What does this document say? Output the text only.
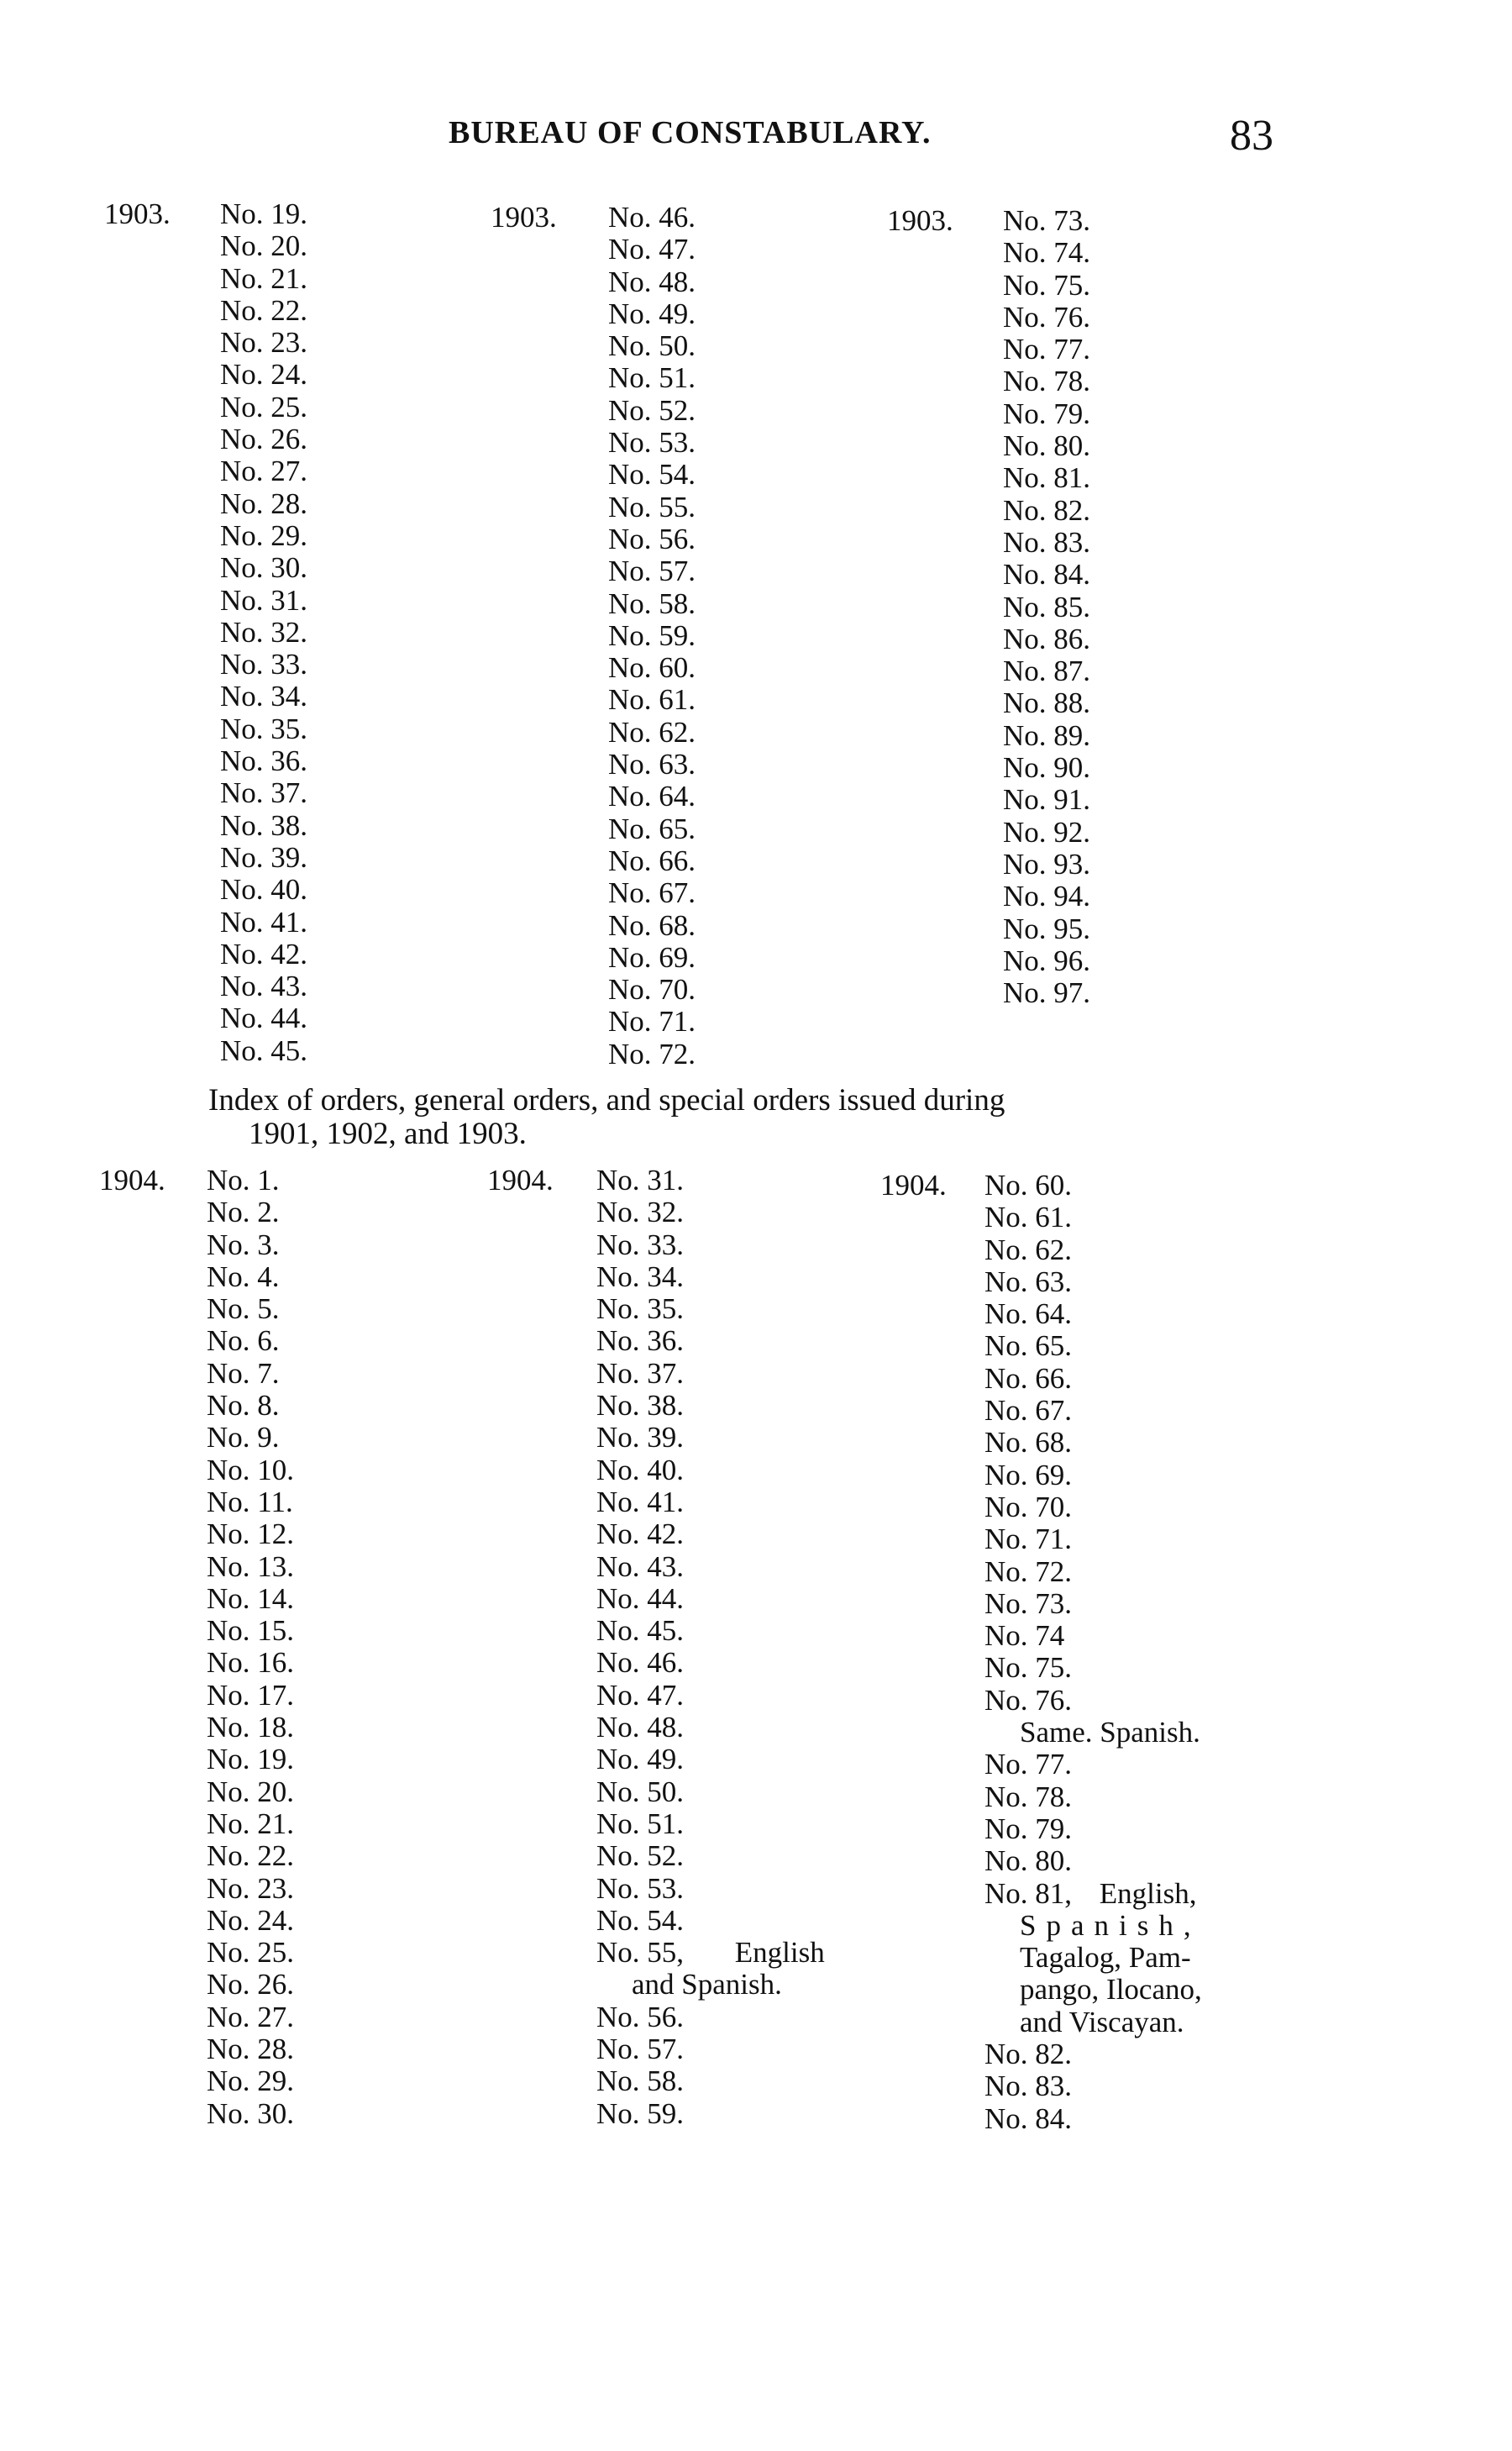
BUREAU OF CONSTABULARY.	83
1903. No. 19.
No. 20.
No. 21.
No. 22.
No. 23.
No. 24.
No. 25.
No. 26.
No. 27.
No. 28.
No. 29.
No. 30.
No. 31.
No. 32.
No. 33.
No. 34.
No. 35.
No. 36.
No. 37.
No. 38.
No. 39.
No. 40.
No. 41.
No. 42.
No. 43.
No. 44.
No. 45.
1903. No. 46.
No. 47.
No. 48.
No. 49.
No. 50.
No. 51.
No. 52.
No. 53.
No. 54.
No. 55.
No. 56.
No. 57.
No. 58.
No. 59.
No. 60.
No. 61.
No. 62.
No. 63.
No. 64.
No. 65.
No. 66.
No. 67.
No. 68.
No. 69.
No. 70.
No. 71.
No. 72.
1903. No. 73.
No. 74.
No. 75.
No. 76.
No. 77.
No. 78.
No. 79.
No. 80.
No. 81.
No. 82.
No. 83.
No. 84.
No. 85.
No. 86.
No. 87.
No. 88.
No. 89.
No. 90.
No. 91.
No. 92.
No. 93.
No. 94.
No. 95.
No. 96.
No. 97.
Index of orders, general orders, and special orders issued during
1901, 1902, and 1903.
1904. No. 1.
No. 2.
No. 3.
No. 4.
No. 5.
No. 6.
No. 7.
No. 8.
No. 9.
No. 10.
No. 11.
No. 12.
No. 13.
No. 14.
No. 15.
No. 16.
No. 17.
No. 18.
No. 19.
No. 20.
No. 21.
No. 22.
No. 23.
No. 24.
No. 25.
No. 26.
No. 27.
No. 28.
No. 29.
No. 30.
1904. No. 31.
No. 32.
No. 33.
No. 34.
No. 35.
No. 36.
No. 37.
No. 38.
No. 39.
No. 40.
No. 41.
No. 42.
No. 43.
No. 44.
No. 45.
No. 46.
No. 47.
No. 48.
No. 49.
No. 50.
No. 51.
No. 52.
No. 53.
No. 54.
No. 55, English
and Spanish.
No. 56.
No. 57.
No. 58.
No. 59.
1904. No. 60.
No. 61.
No. 62.
No. 63.
No. 64.
No. 65.
No. 66.
No. 67.
No. 68.
No. 69.
No. 70.
No. 71.
No. 72.
No. 73.
No. 74
No. 75.
No. 76.
Same. Spanish.
No. 77.
No. 78.
No. 79.
No. 80.
No. 81, English,
Spanish,
Tagalog, Pam-
pango, Ilocano,
and Viscayan.
No. 82.
No. 83.
No. 84.
